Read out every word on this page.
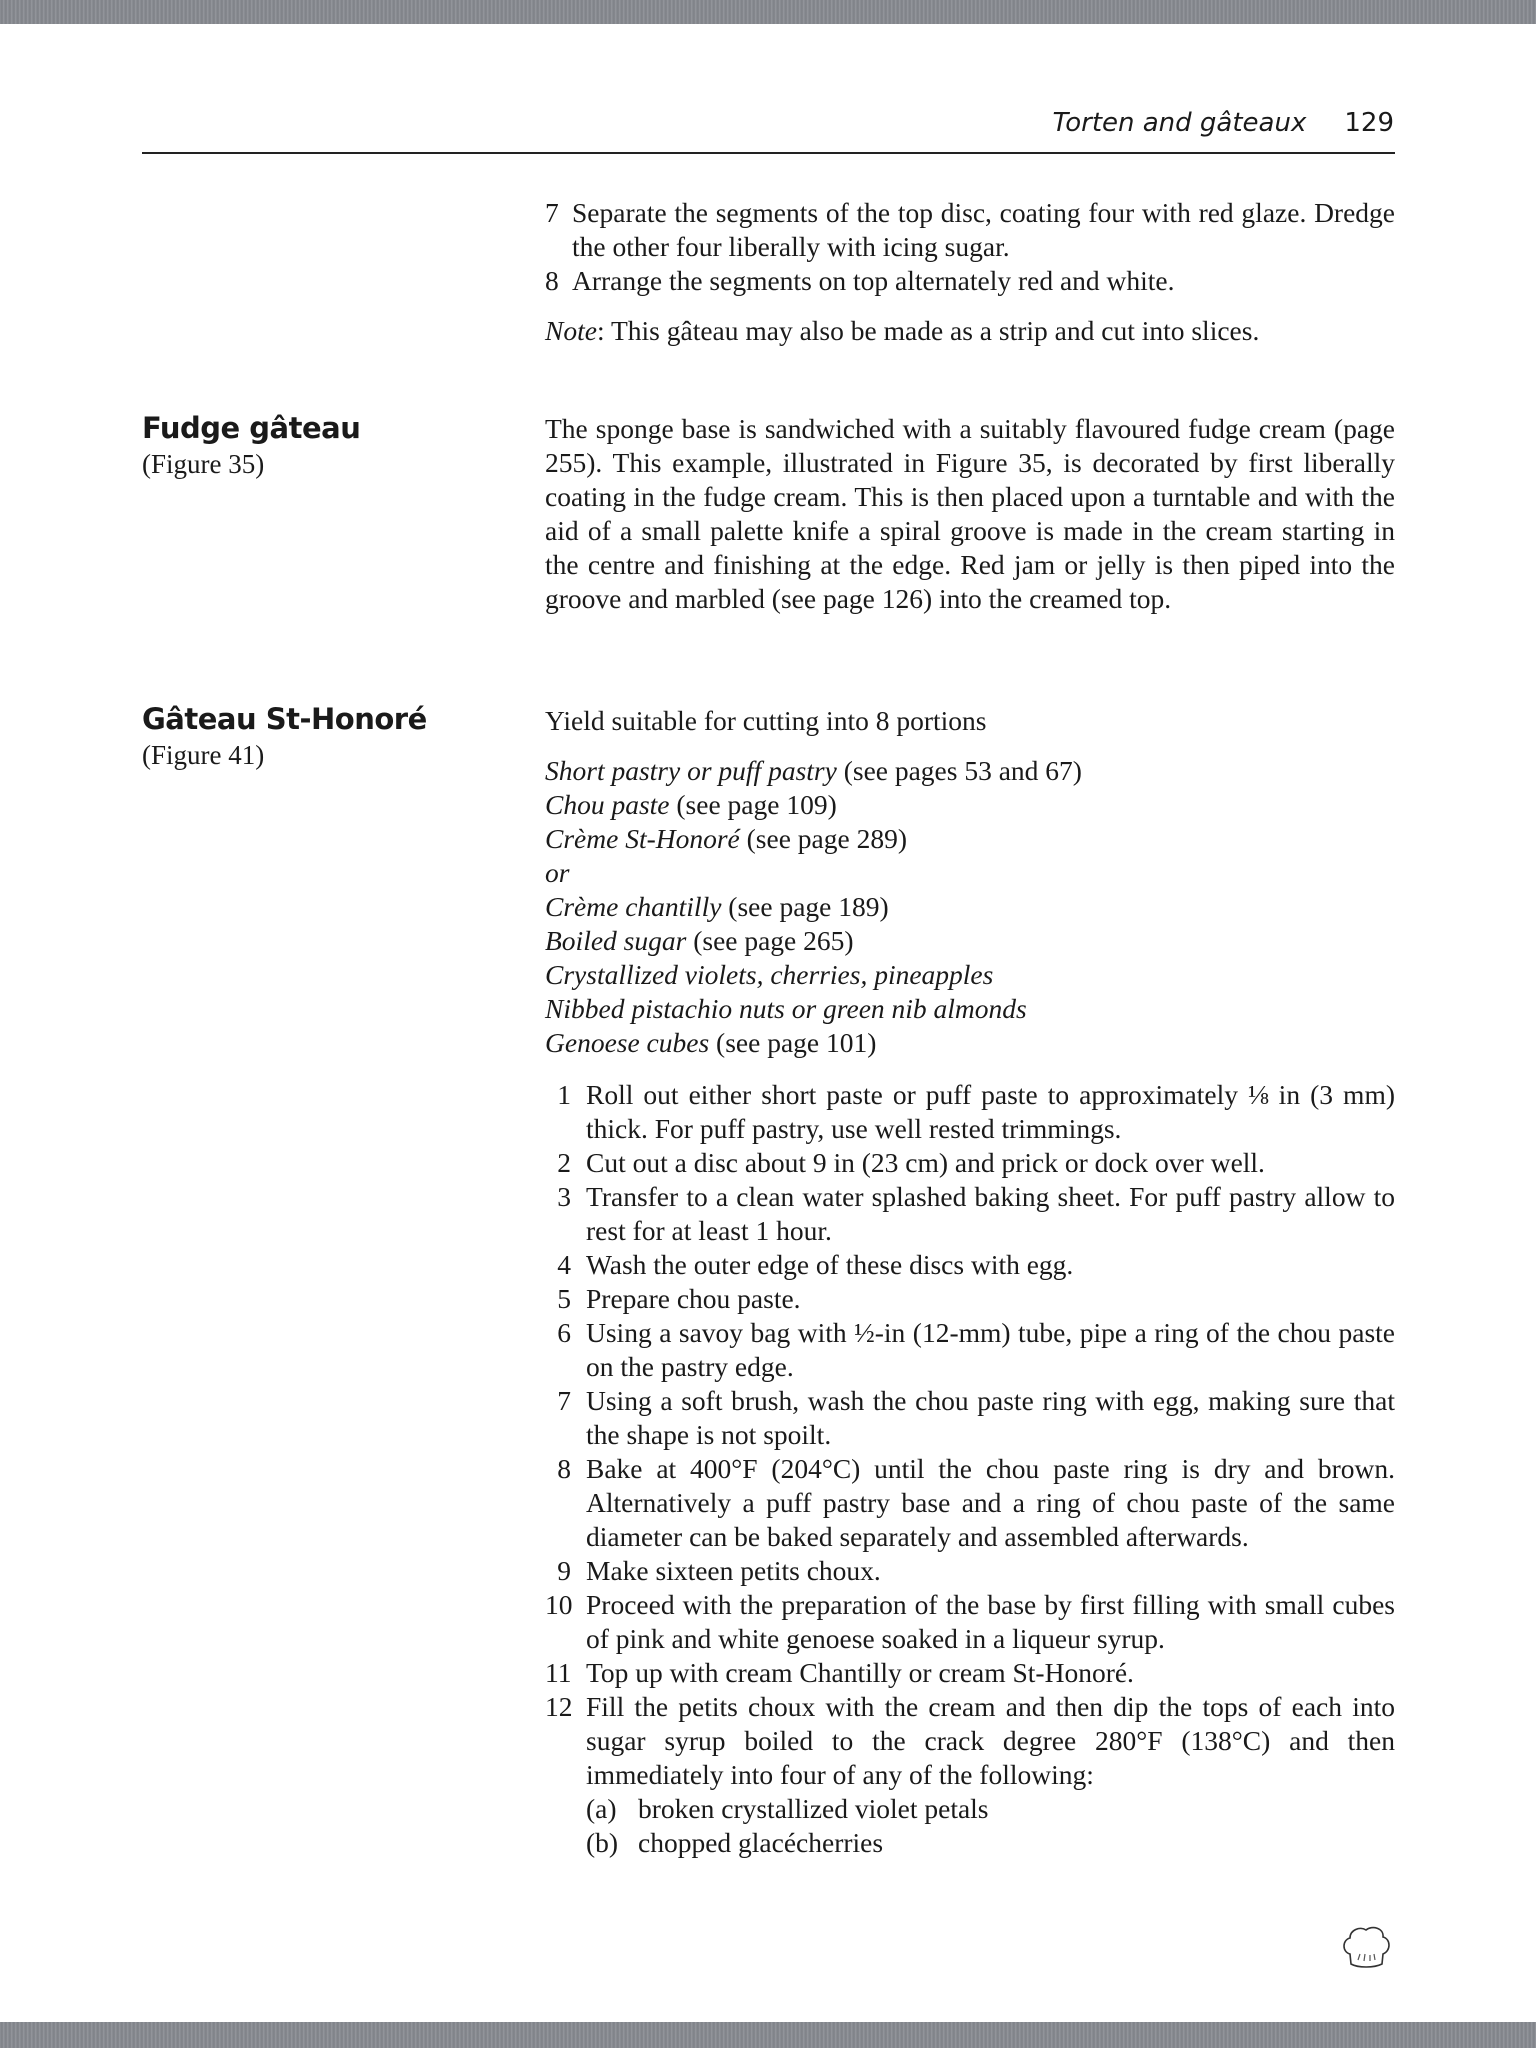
Torten and gâteaux 129
7 Separate the segments of the top disc, coating four with red glaze. Dredge the other four liberally with icing sugar.
8 Arrange the segments on top alternately red and white.
Note: This gâteau may also be made as a strip and cut into slices.
Fudge gâteau
(Figure 35)
The sponge base is sandwiched with a suitably flavoured fudge cream (page 255). This example, illustrated in Figure 35, is decorated by first liberally coating in the fudge cream. This is then placed upon a turntable and with the aid of a small palette knife a spiral groove is made in the cream starting in the centre and finishing at the edge. Red jam or jelly is then piped into the groove and marbled (see page 126) into the creamed top.
Gâteau St-Honoré
(Figure 41)
Yield suitable for cutting into 8 portions
Short pastry or puff pastry (see pages 53 and 67)
Chou paste (see page 109)
Crème St-Honoré (see page 289)
or
Crème chantilly (see page 189)
Boiled sugar (see page 265)
Crystallized violets, cherries, pineapples
Nibbed pistachio nuts or green nib almonds
Genoese cubes (see page 101)
1 Roll out either short paste or puff paste to approximately ⅛ in (3 mm) thick. For puff pastry, use well rested trimmings.
2 Cut out a disc about 9 in (23 cm) and prick or dock over well.
3 Transfer to a clean water splashed baking sheet. For puff pastry allow to rest for at least 1 hour.
4 Wash the outer edge of these discs with egg.
5 Prepare chou paste.
6 Using a savoy bag with ½-in (12-mm) tube, pipe a ring of the chou paste on the pastry edge.
7 Using a soft brush, wash the chou paste ring with egg, making sure that the shape is not spoilt.
8 Bake at 400°F (204°C) until the chou paste ring is dry and brown. Alternatively a puff pastry base and a ring of chou paste of the same diameter can be baked separately and assembled afterwards.
9 Make sixteen petits choux.
10 Proceed with the preparation of the base by first filling with small cubes of pink and white genoese soaked in a liqueur syrup.
11 Top up with cream Chantilly or cream St-Honoré.
12 Fill the petits choux with the cream and then dip the tops of each into sugar syrup boiled to the crack degree 280°F (138°C) and then immediately into four of any of the following:
(a) broken crystallized violet petals
(b) chopped glacécherries
